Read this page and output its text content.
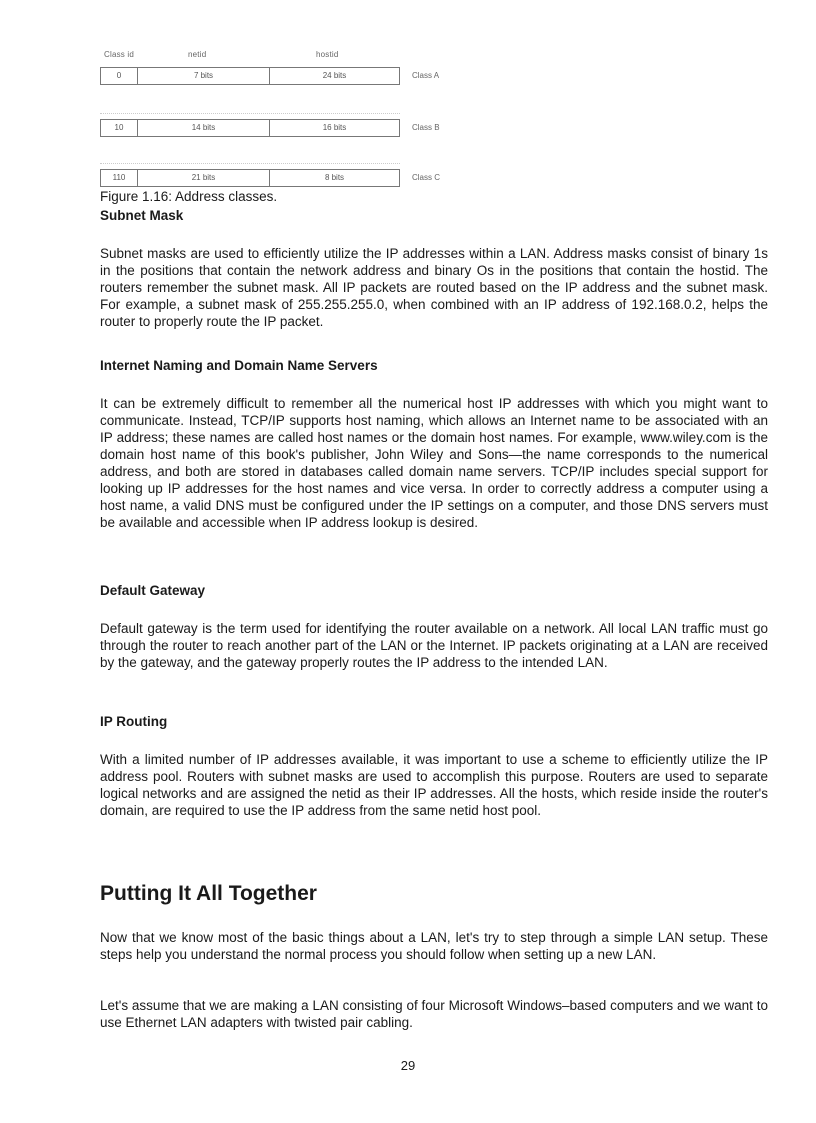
Class id	netid	hostid
0	7 bits	24 bits	Class A
10	14 bits	16 bits	Class B
110	21 bits	8 bits	Class C
Figure 1.16: Address classes.
Subnet Mask

Subnet masks are used to efficiently utilize the IP addresses within a LAN. Address masks consist of binary 1s in the positions that contain the network address and binary Os in the positions that contain the hostid. The routers remember the subnet mask. All IP packets are routed based on the IP address and the subnet mask. For example, a subnet mask of 255.255.255.0, when combined with an IP address of 192.168.0.2, helps the router to properly route the IP packet.

Internet Naming and Domain Name Servers

It can be extremely difficult to remember all the numerical host IP addresses with which you might want to communicate. Instead, TCP/IP supports host naming, which allows an Internet name to be associated with an IP address; these names are called host names or the domain host names. For example, www.wiley.com is the domain host name of this book's publisher, John Wiley and Sons—the name corresponds to the numerical address, and both are stored in databases called domain name servers. TCP/IP includes special support for looking up IP addresses for the host names and vice versa. In order to correctly address a computer using a host name, a valid DNS must be configured under the IP settings on a computer, and those DNS servers must be available and accessible when IP address lookup is desired.

Default Gateway

Default gateway is the term used for identifying the router available on a network. All local LAN traffic must go through the router to reach another part of the LAN or the Internet. IP packets originating at a LAN are received by the gateway, and the gateway properly routes the IP address to the intended LAN.

IP Routing

With a limited number of IP addresses available, it was important to use a scheme to efficiently utilize the IP address pool. Routers with subnet masks are used to accomplish this purpose. Routers are used to separate logical networks and are assigned the netid as their IP addresses. All the hosts, which reside inside the router's domain, are required to use the IP address from the same netid host pool.

Putting It All Together

Now that we know most of the basic things about a LAN, let's try to step through a simple LAN setup. These steps help you understand the normal process you should follow when setting up a new LAN.

Let's assume that we are making a LAN consisting of four Microsoft Windows–based computers and we want to use Ethernet LAN adapters with twisted pair cabling.

29
